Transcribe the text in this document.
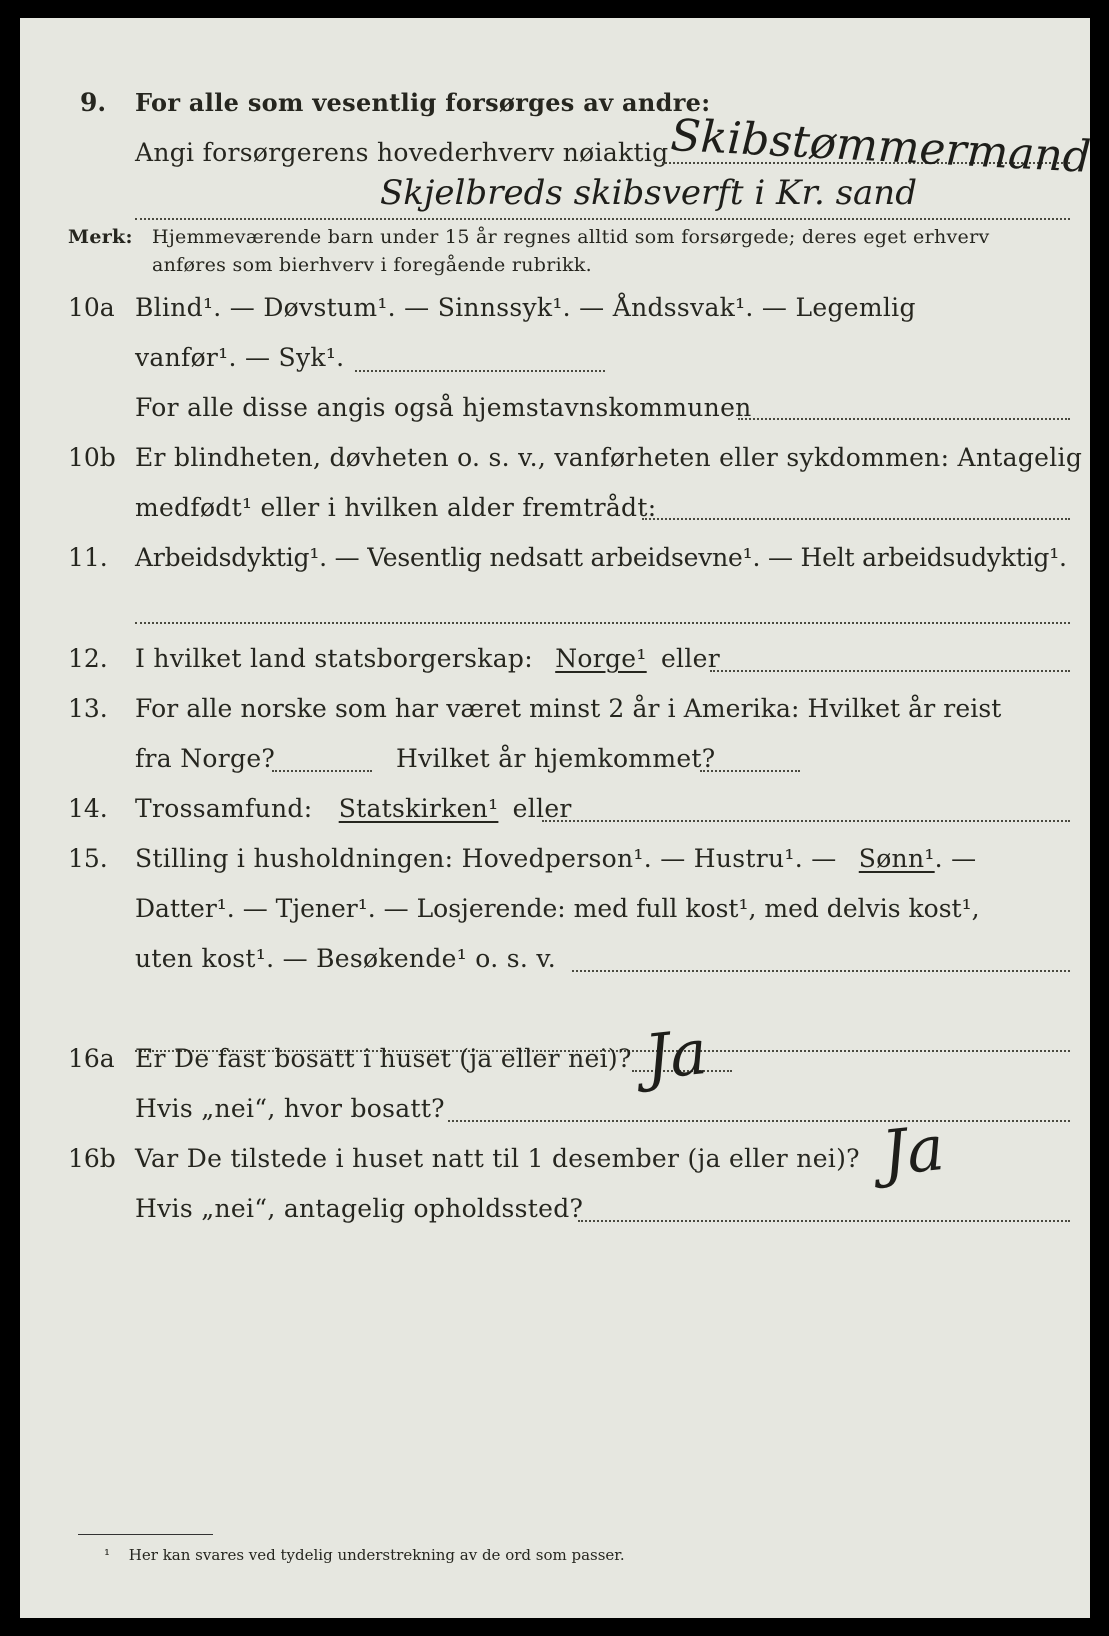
9. For alle som vesentlig forsørges av andre:
Angi forsørgerens hovederhverv nøiaktig Skibstømmermand
Skjelbreds skibsverft i Kr. sand
Merk: Hjemmeværende barn under 15 år regnes alltid som forsørgede; deres eget erhverv
anføres som bierhverv i foregående rubrikk.
10a Blind¹. — Døvstum¹. — Sinnssyk¹. — Åndssvak¹. — Legemlig
vanfør¹. — Syk¹.
For alle disse angis også hjemstavnskommunen
10b Er blindheten, døvheten o. s. v., vanførheten eller sykdommen: Antagelig
medfødt¹ eller i hvilken alder fremtrådt:
11. Arbeidsdyktig¹. — Vesentlig nedsatt arbeidsevne¹. — Helt arbeidsudyktig¹.
12. I hvilket land statsborgerskap: Norge¹ eller
13. For alle norske som har været minst 2 år i Amerika: Hvilket år reist
fra Norge?	Hvilket år hjemkommet?
14. Trossamfund: Statskirken¹ eller
15. Stilling i husholdningen: Hovedperson¹. — Hustru¹. — Sønn¹. —
Datter¹. — Tjener¹. — Losjerende: med full kost¹, med delvis kost¹,
uten kost¹. — Besøkende¹ o. s. v.
16a Er De fast bosatt i huset (ja eller nei)? Ja
Hvis „nei“, hvor bosatt?
16b Var De tilstede i huset natt til 1 desember (ja eller nei)? Ja
Hvis „nei“, antagelig opholdssted?
¹ Her kan svares ved tydelig understrekning av de ord som passer.
